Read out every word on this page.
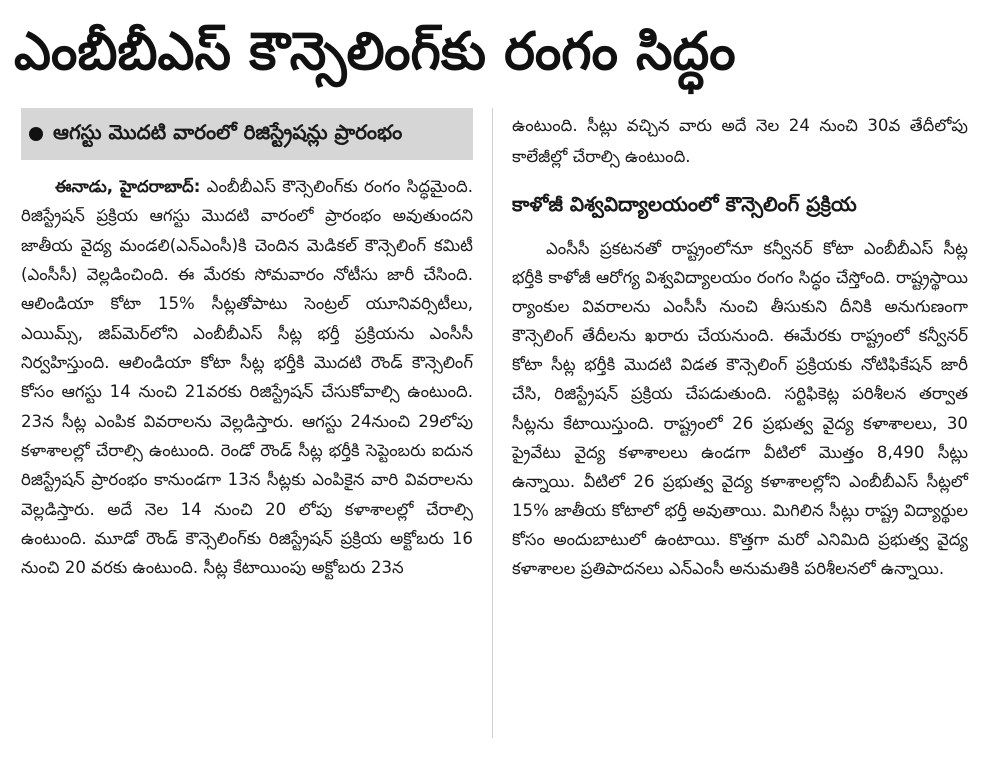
ఎంబీబీఎస్ కౌన్సెలింగ్‌కు రంగం సిద్ధం
ఆగస్టు మొదటి వారంలో రిజిస్ట్రేషన్లు ప్రారంభం
ఈనాడు, హైదరాబాద్: ఎంబీబీఎస్ కౌన్సెలింగ్‌కు రంగం సిద్ధమైంది. రిజిస్ట్రేషన్ ప్రక్రియ ఆగస్టు మొదటి వారంలో ప్రారంభం అవుతుందని జాతీయ వైద్య మండలి(ఎన్‌ఎంసీ)కి చెందిన మెడికల్ కౌన్సెలింగ్ కమిటీ (ఎంసీసీ) వెల్లడించింది. ఈ మేరకు సోమవారం నోటీసు జారీ చేసింది. ఆలిండియా కోటా 15% సీట్లతోపాటు సెంట్రల్ యూనివర్సిటీలు, ఎయిమ్స్, జిప్‌మెర్‌లోని ఎంబీబీఎస్ సీట్ల భర్తీ ప్రక్రియను ఎంసీసీ నిర్వహిస్తుంది. ఆలిండియా కోటా సీట్ల భర్తీకి మొదటి రౌండ్ కౌన్సెలింగ్ కోసం ఆగస్టు 14 నుంచి 21వరకు రిజిస్ట్రేషన్ చేసుకోవాల్సి ఉంటుంది. 23న సీట్ల ఎంపిక వివరాలను వెల్లడిస్తారు. ఆగస్టు 24నుంచి 29లోపు కళాశాలల్లో చేరాల్సి ఉంటుంది. రెండో రౌండ్ సీట్ల భర్తీకి సెప్టెంబరు ఐదున రిజిస్ట్రేషన్ ప్రారంభం కానుండగా 13న సీట్లకు ఎంపికైన వారి వివరాలను వెల్లడిస్తారు. అదే నెల 14 నుంచి 20 లోపు కళాశాలల్లో చేరాల్సి ఉంటుంది. మూడో రౌండ్ కౌన్సెలింగ్‌కు రిజిస్ట్రేషన్ ప్రక్రియ అక్టోబరు 16 నుంచి 20 వరకు ఉంటుంది. సీట్ల కేటాయింపు అక్టోబరు 23న
ఉంటుంది. సీట్లు వచ్చిన వారు అదే నెల 24 నుంచి 30వ తేదీలోపు కాలేజీల్లో చేరాల్సి ఉంటుంది.
కాళోజీ విశ్వవిద్యాలయంలో కౌన్సెలింగ్ ప్రక్రియ
ఎంసీసీ ప్రకటనతో రాష్ట్రంలోనూ కన్వీనర్ కోటా ఎంబీబీఎస్ సీట్ల భర్తీకి కాళోజీ ఆరోగ్య విశ్వవిద్యాలయం రంగం సిద్ధం చేస్తోంది. రాష్ట్రస్థాయి ర్యాంకుల వివరాలను ఎంసీసీ నుంచి తీసుకుని దీనికి అనుగుణంగా కౌన్సెలింగ్ తేదీలను ఖరారు చేయనుంది. ఈమేరకు రాష్ట్రంలో కన్వీనర్ కోటా సీట్ల భర్తీకి మొదటి విడత కౌన్సెలింగ్ ప్రక్రియకు నోటిఫికేషన్ జారీ చేసి, రిజిస్ట్రేషన్ ప్రక్రియ చేపడుతుంది. సర్టిఫికెట్ల పరిశీలన తర్వాత సీట్లను కేటాయిస్తుంది. రాష్ట్రంలో 26 ప్రభుత్వ వైద్య కళాశాలలు, 30 ప్రైవేటు వైద్య కళాశాలలు ఉండగా వీటిలో మొత్తం 8,490 సీట్లు ఉన్నాయి. వీటిలో 26 ప్రభుత్వ వైద్య కళాశాలల్లోని ఎంబీబీఎస్ సీట్లలో 15% జాతీయ కోటాలో భర్తీ అవుతాయి. మిగిలిన సీట్లు రాష్ట్ర విద్యార్థుల కోసం అందుబాటులో ఉంటాయి. కొత్తగా మరో ఎనిమిది ప్రభుత్వ వైద్య కళాశాలల ప్రతిపాదనలు ఎన్‌ఎంసీ అనుమతికి పరిశీలనలో ఉన్నాయి.
